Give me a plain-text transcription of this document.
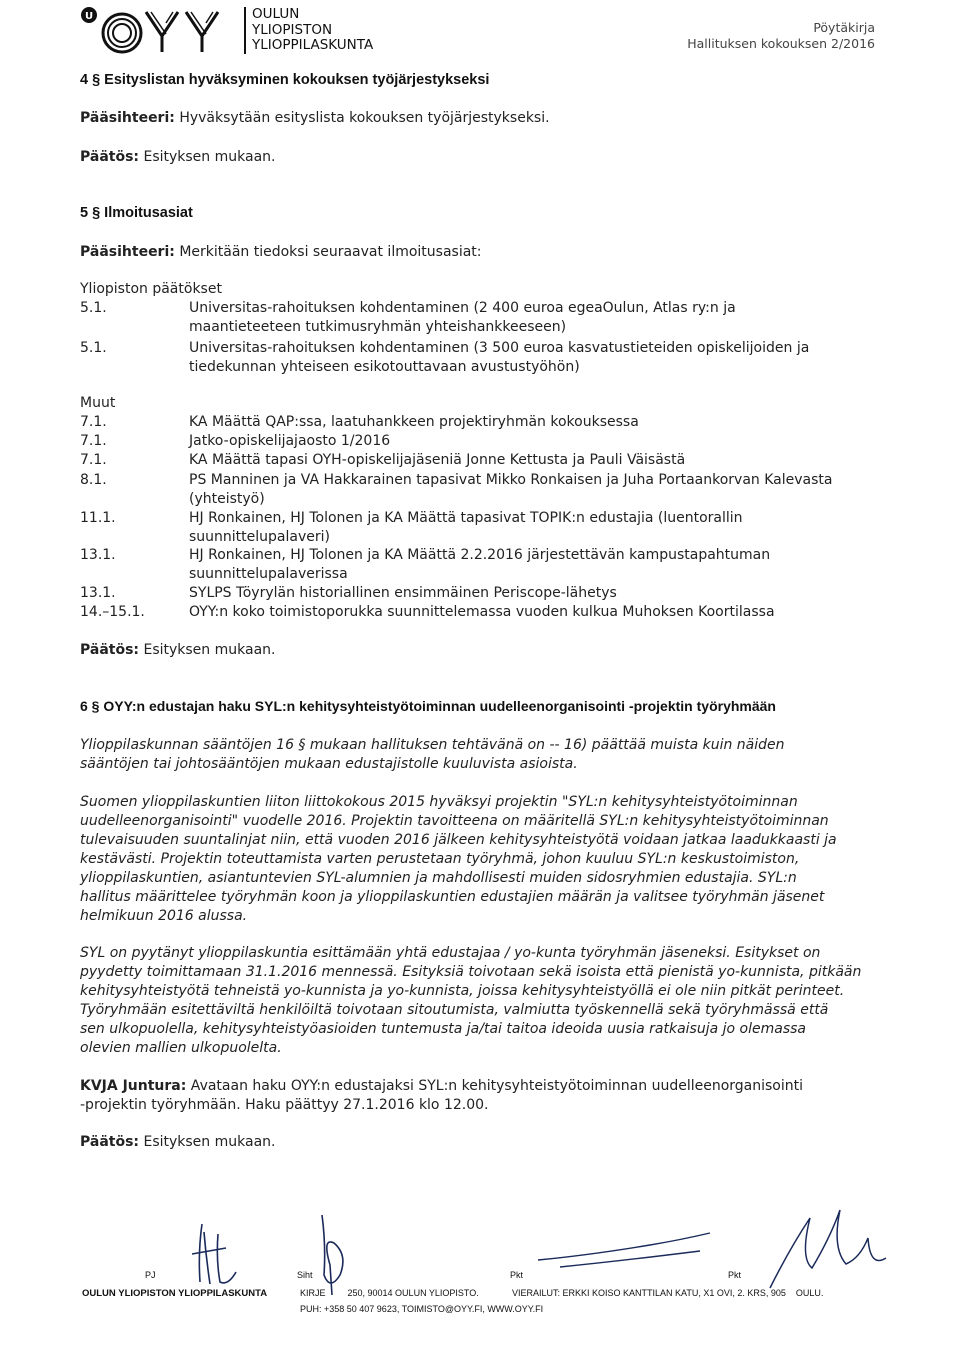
U	OULUN
YLIOPISTON
YLIOPPILASKUNTA
Pöytäkirja
Hallituksen kokouksen 2/2016
4 § Esityslistan hyväksyminen kokouksen työjärjestykseksi
Pääsihteeri: Hyväksytään esityslista kokouksen työjärjestykseksi.
Päätös: Esityksen mukaan.
5 § Ilmoitusasiat
Pääsihteeri: Merkitään tiedoksi seuraavat ilmoitusasiat:
Yliopiston päätökset
5.1.	Universitas-rahoituksen kohdentaminen (2 400 euroa egeaOulun, Atlas ry:n ja
maantieteeteen tutkimusryhmän yhteishankkeeseen)
5.1.	Universitas-rahoituksen kohdentaminen (3 500 euroa kasvatustieteiden opiskelijoiden ja
tiedekunnan yhteiseen esikotouttavaan avustustyöhön)
Muut
7.1.	KA Määttä QAP:ssa, laatuhankkeen projektiryhmän kokouksessa
7.1.	Jatko-opiskelijajaosto 1/2016
7.1.	KA Määttä tapasi OYH-opiskelijajäseniä Jonne Kettusta ja Pauli Väisästä
8.1.	PS Manninen ja VA Hakkarainen tapasivat Mikko Ronkaisen ja Juha Portaankorvan Kalevasta
(yhteistyö)
11.1.	HJ Ronkainen, HJ Tolonen ja KA Määttä tapasivat TOPIK:n edustajia (luentorallin
suunnittelupalaveri)
13.1.	HJ Ronkainen, HJ Tolonen ja KA Määttä 2.2.2016 järjestettävän kampustapahtuman
suunnittelupalaverissa
13.1.	SYLPS Töyrylän historiallinen ensimmäinen Periscope-lähetys
14.–15.1.	OYY:n koko toimistoporukka suunnittelemassa vuoden kulkua Muhoksen Koortilassa
Päätös: Esityksen mukaan.
6 § OYY:n edustajan haku SYL:n kehitysyhteistyötoiminnan uudelleenorganisointi -projektin työryhmään
Ylioppilaskunnan sääntöjen 16 § mukaan hallituksen tehtävänä on -- 16) päättää muista kuin näiden
sääntöjen tai johtosääntöjen mukaan edustajistolle kuuluvista asioista.
Suomen ylioppilaskuntien liiton liittokokous 2015 hyväksyi projektin "SYL:n kehitysyhteistyötoiminnan
uudelleenorganisointi" vuodelle 2016. Projektin tavoitteena on määritellä SYL:n kehitysyhteistyötoiminnan
tulevaisuuden suuntalinjat niin, että vuoden 2016 jälkeen kehitysyhteistyötä voidaan jatkaa laadukkaasti ja
kestävästi. Projektin toteuttamista varten perustetaan työryhmä, johon kuuluu SYL:n keskustoimiston,
ylioppilaskuntien, asiantuntevien SYL-alumnien ja mahdollisesti muiden sidosryhmien edustajia. SYL:n
hallitus määrittelee työryhmän koon ja ylioppilaskuntien edustajien määrän ja valitsee työryhmän jäsenet
helmikuun 2016 alussa.
SYL on pyytänyt ylioppilaskuntia esittämään yhtä edustajaa / yo-kunta työryhmän jäseneksi. Esitykset on
pyydetty toimittamaan 31.1.2016 mennessä. Esityksiä toivotaan sekä isoista että pienistä yo-kunnista, pitkään
kehitysyhteistyötä tehneistä yo-kunnista ja yo-kunnista, joissa kehitysyhteistyöllä ei ole niin pitkät perinteet.
Työryhmään esitettäviltä henkilöiltä toivotaan sitoutumista, valmiutta työskennellä sekä työryhmässä että
sen ulkopuolella, kehitysyhteistyöasioiden tuntemusta ja/tai taitoa ideoida uusia ratkaisuja jo olemassa
olevien mallien ulkopuolelta.
KVJA Juntura: Avataan haku OYY:n edustajaksi SYL:n kehitysyhteistyötoiminnan uudelleenorganisointi
-projektin työryhmään. Haku päättyy 27.1.2016 klo 12.00.
Päätös: Esityksen mukaan.
PJ	Siht	Pkt	Pkt
OULUN YLIOPISTON YLIOPPILASKUNTA	KIRJE 250, 90014 OULUN YLIOPISTO.	VIERAILUT: ERKKI KOISO KANTTILAN KATU, X1 OVI, 2. KRS, 905 OULU.
PUH: +358 50 407 9623, TOIMISTO@OYY.FI, WWW.OYY.FI
